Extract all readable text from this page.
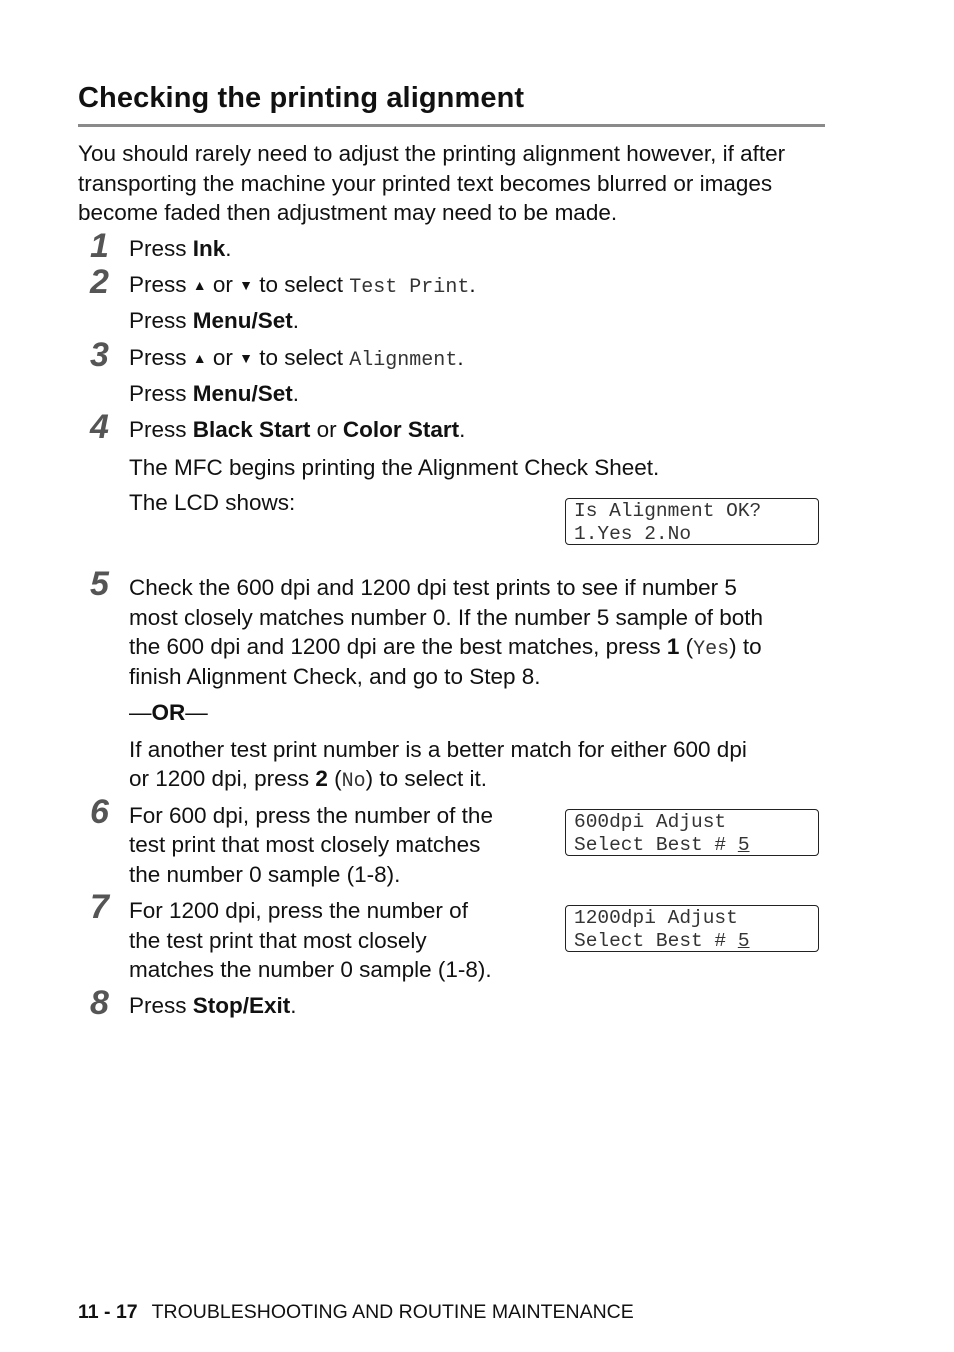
Checking the printing alignment

You should rarely need to adjust the printing alignment however, if after transporting the machine your printed text becomes blurred or images become faded then adjustment may need to be made.

1 Press Ink.
2 Press ▲ or ▼ to select Test Print.
Press Menu/Set.
3 Press ▲ or ▼ to select Alignment.
Press Menu/Set.
4 Press Black Start or Color Start.
The MFC begins printing the Alignment Check Sheet.
The LCD shows:	Is Alignment OK?
1.Yes 2.No
5 Check the 600 dpi and 1200 dpi test prints to see if number 5
most closely matches number 0. If the number 5 sample of both
the 600 dpi and 1200 dpi are the best matches, press 1 (Yes) to
finish Alignment Check, and go to Step 8.
—OR—
If another test print number is a better match for either 600 dpi
or 1200 dpi, press 2 (No) to select it.
6 For 600 dpi, press the number of the
test print that most closely matches
the number 0 sample (1-8).
600dpi Adjust
Select Best # 5
7 For 1200 dpi, press the number of
the test print that most closely
matches the number 0 sample (1-8).
1200dpi Adjust
Select Best # 5
8 Press Stop/Exit.
11 - 17 TROUBLESHOOTING AND ROUTINE MAINTENANCE
